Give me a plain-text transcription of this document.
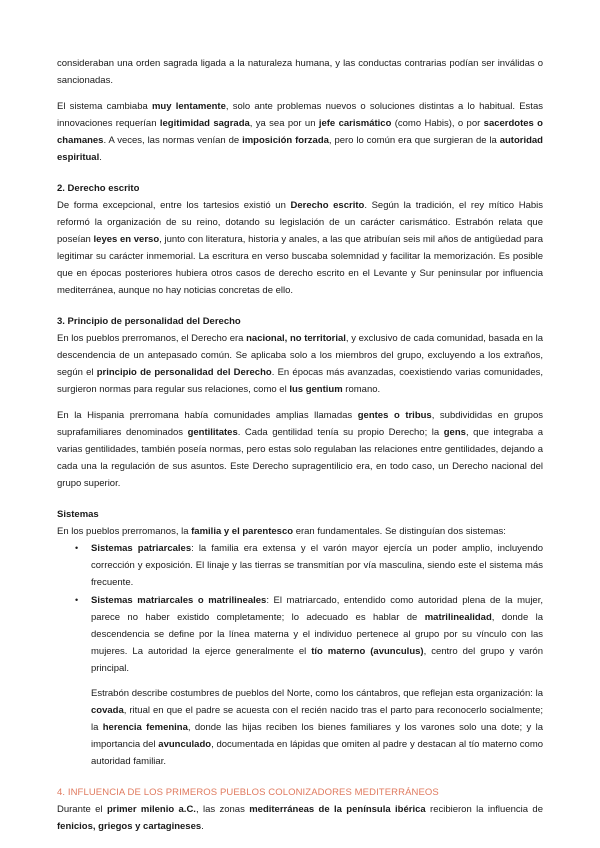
consideraban una orden sagrada ligada a la naturaleza humana, y las conductas contrarias podían ser inválidas o sancionadas.

El sistema cambiaba muy lentamente, solo ante problemas nuevos o soluciones distintas a lo habitual. Estas innovaciones requerían legitimidad sagrada, ya sea por un jefe carismático (como Habis), o por sacerdotes o chamanes. A veces, las normas venían de imposición forzada, pero lo común era que surgieran de la autoridad espiritual.

2. Derecho escrito

De forma excepcional, entre los tartesios existió un Derecho escrito. Según la tradición, el rey mítico Habis reformó la organización de su reino, dotando su legislación de un carácter carismático. Estrabón relata que poseían leyes en verso, junto con literatura, historia y anales, a las que atribuían seis mil años de antigüedad para legitimar su carácter inmemorial. La escritura en verso buscaba solemnidad y facilitar la memorización. Es posible que en épocas posteriores hubiera otros casos de derecho escrito en el Levante y Sur peninsular por influencia mediterránea, aunque no hay noticias concretas de ello.

3. Principio de personalidad del Derecho

En los pueblos prerromanos, el Derecho era nacional, no territorial, y exclusivo de cada comunidad, basada en la descendencia de un antepasado común. Se aplicaba solo a los miembros del grupo, excluyendo a los extraños, según el principio de personalidad del Derecho. En épocas más avanzadas, coexistiendo varias comunidades, surgieron normas para regular sus relaciones, como el Ius gentium romano.

En la Hispania prerromana había comunidades amplias llamadas gentes o tribus, subdivididas en grupos suprafamiliares denominados gentilitates. Cada gentilidad tenía su propio Derecho; la gens, que integraba a varias gentilidades, también poseía normas, pero estas solo regulaban las relaciones entre gentilidades, dejando a cada una la regulación de sus asuntos. Este Derecho supragentilicio era, en todo caso, un Derecho nacional del grupo superior.

Sistemas

En los pueblos prerromanos, la familia y el parentesco eran fundamentales. Se distinguían dos sistemas:

• Sistemas patriarcales: la familia era extensa y el varón mayor ejercía un poder amplio, incluyendo corrección y exposición. El linaje y las tierras se transmitían por vía masculina, siendo este el sistema más frecuente.
• Sistemas matriarcales o matrilineales: El matriarcado, entendido como autoridad plena de la mujer, parece no haber existido completamente; lo adecuado es hablar de matrilinealidad, donde la descendencia se define por la línea materna y el individuo pertenece al grupo por su vínculo con las mujeres. La autoridad la ejerce generalmente el tío materno (avunculus), centro del grupo y varón principal.

Estrabón describe costumbres de pueblos del Norte, como los cántabros, que reflejan esta organización: la covada, ritual en que el padre se acuesta con el recién nacido tras el parto para reconocerlo socialmente; la herencia femenina, donde las hijas reciben los bienes familiares y los varones solo una dote; y la importancia del avunculado, documentada en lápidas que omiten al padre y destacan al tío materno como autoridad familiar.

4. INFLUENCIA DE LOS PRIMEROS PUEBLOS COLONIZADORES MEDITERRÁNEOS

Durante el primer milenio a.C., las zonas mediterráneas de la península ibérica recibieron la influencia de fenicios, griegos y cartagineses.
